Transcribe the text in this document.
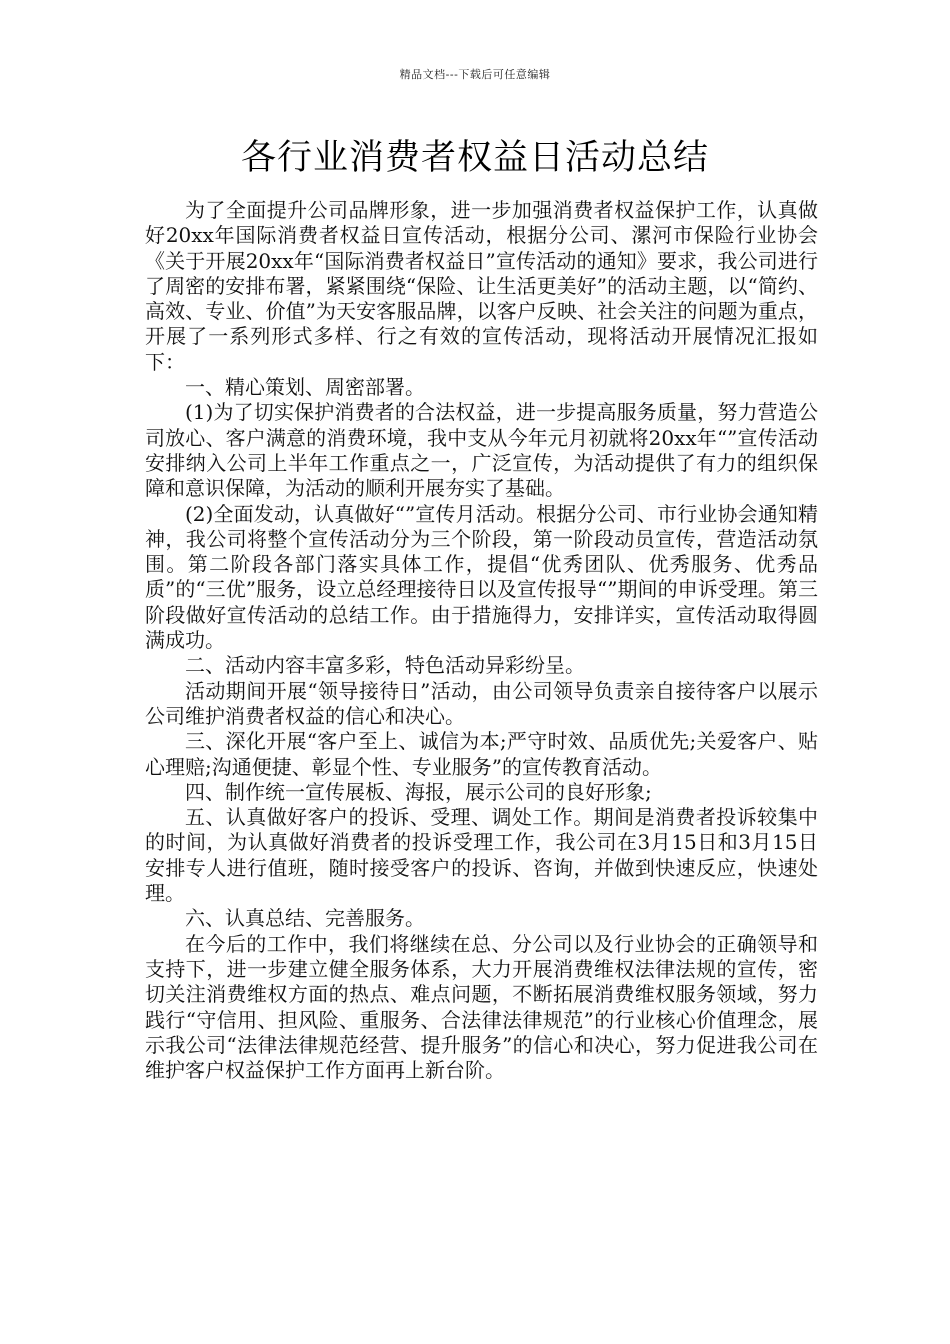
精品文档---下载后可任意编辑
各行业消费者权益日活动总结

为了全面提升公司品牌形象，进一步加强消费者权益保护工作，认真做好20xx年国际消费者权益日宣传活动，根据分公司、漯河市保险行业协会《关于开展20xx年“国际消费者权益日”宣传活动的通知》要求，我公司进行了周密的安排布署，紧紧围绕“保险、让生活更美好”的活动主题，以“简约、高效、专业、价值”为天安客服品牌，以客户反映、社会关注的问题为重点，开展了一系列形式多样、行之有效的宣传活动，现将活动开展情况汇报如下：

一、精心策划、周密部署。

(1)为了切实保护消费者的合法权益，进一步提高服务质量，努力营造公司放心、客户满意的消费环境，我中支从今年元月初就将20xx年“”宣传活动安排纳入公司上半年工作重点之一，广泛宣传，为活动提供了有力的组织保障和意识保障，为活动的顺利开展夯实了基础。

(2)全面发动，认真做好“”宣传月活动。根据分公司、市行业协会通知精神，我公司将整个宣传活动分为三个阶段，第一阶段动员宣传，营造活动氛围。第二阶段各部门落实具体工作，提倡“优秀团队、优秀服务、优秀品质”的“三优”服务，设立总经理接待日以及宣传报导“”期间的申诉受理。第三阶段做好宣传活动的总结工作。由于措施得力，安排详实，宣传活动取得圆满成功。

二、活动内容丰富多彩，特色活动异彩纷呈。

活动期间开展“领导接待日”活动，由公司领导负责亲自接待客户以展示公司维护消费者权益的信心和决心。

三、深化开展“客户至上、诚信为本;严守时效、品质优先;关爱客户、贴心理赔;沟通便捷、彰显个性、专业服务”的宣传教育活动。

四、制作统一宣传展板、海报，展示公司的良好形象;

五、认真做好客户的投诉、受理、调处工作。期间是消费者投诉较集中的时间，为认真做好消费者的投诉受理工作，我公司在3月15日和3月15日安排专人进行值班，随时接受客户的投诉、咨询，并做到快速反应，快速处理。

六、认真总结、完善服务。

在今后的工作中，我们将继续在总、分公司以及行业协会的正确领导和支持下，进一步建立健全服务体系，大力开展消费维权法律法规的宣传，密切关注消费维权方面的热点、难点问题，不断拓展消费维权服务领域，努力践行“守信用、担风险、重服务、合法律法律规范”的行业核心价值理念，展示我公司“法律法律规范经营、提升服务”的信心和决心，努力促进我公司在维护客户权益保护工作方面再上新台阶。
